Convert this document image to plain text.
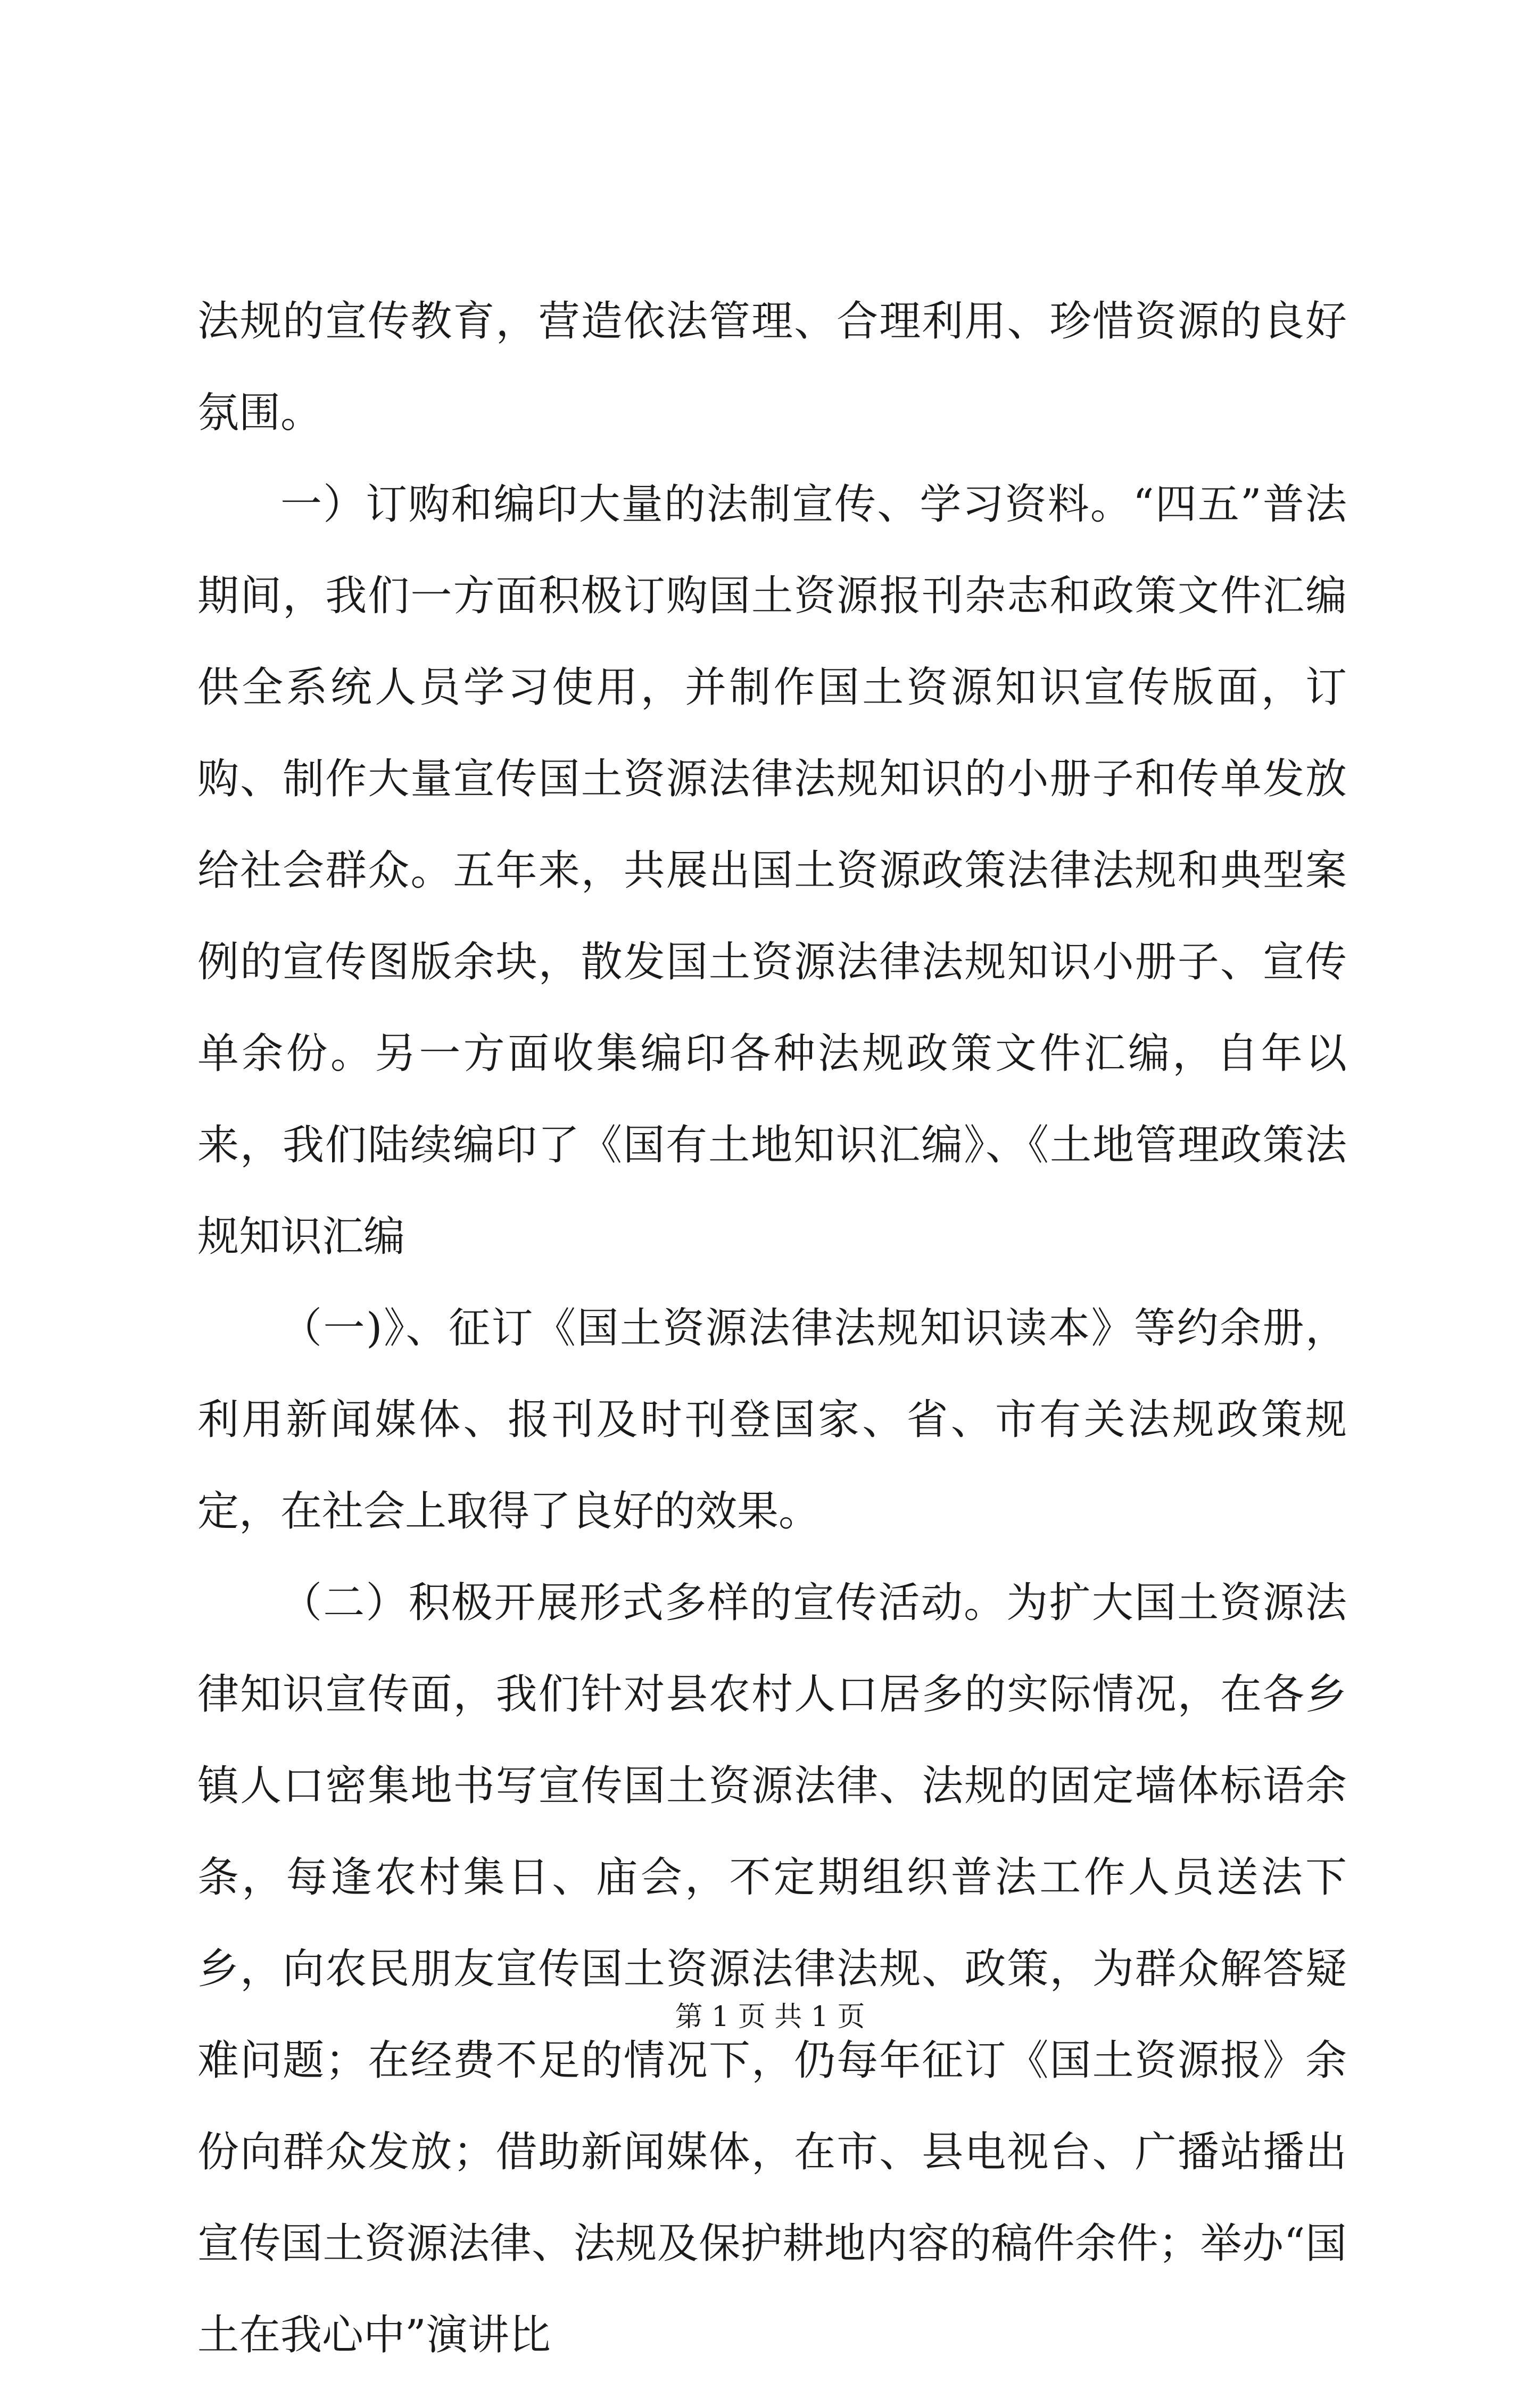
法规的宣传教育，营造依法管理、合理利用、珍惜资源的良好氛围。

一）订购和编印大量的法制宣传、学习资料。“四五”普法期间，我们一方面积极订购国土资源报刊杂志和政策文件汇编供全系统人员学习使用，并制作国土资源知识宣传版面，订购、制作大量宣传国土资源法律法规知识的小册子和传单发放给社会群众。五年来，共展出国土资源政策法律法规和典型案例的宣传图版余块，散发国土资源法律法规知识小册子、宣传单余份。另一方面收集编印各种法规政策文件汇编，自年以来，我们陆续编印了《国有土地知识汇编》、《土地管理政策法规知识汇编

（一)》、征订《国土资源法律法规知识读本》等约余册，利用新闻媒体、报刊及时刊登国家、省、市有关法规政策规定，在社会上取得了良好的效果。

（二）积极开展形式多样的宣传活动。为扩大国土资源法律知识宣传面，我们针对县农村人口居多的实际情况，在各乡镇人口密集地书写宣传国土资源法律、法规的固定墙体标语余条，每逢农村集日、庙会，不定期组织普法工作人员送法下乡，向农民朋友宣传国土资源法律法规、政策，为群众解答疑难问题；在经费不足的情况下，仍每年征订《国土资源报》余份向群众发放；借助新闻媒体，在市、县电视台、广播站播出宣传国土资源法律、法规及保护耕地内容的稿件余件；举办“国土在我心中”演讲比

第 1 页 共 1 页
